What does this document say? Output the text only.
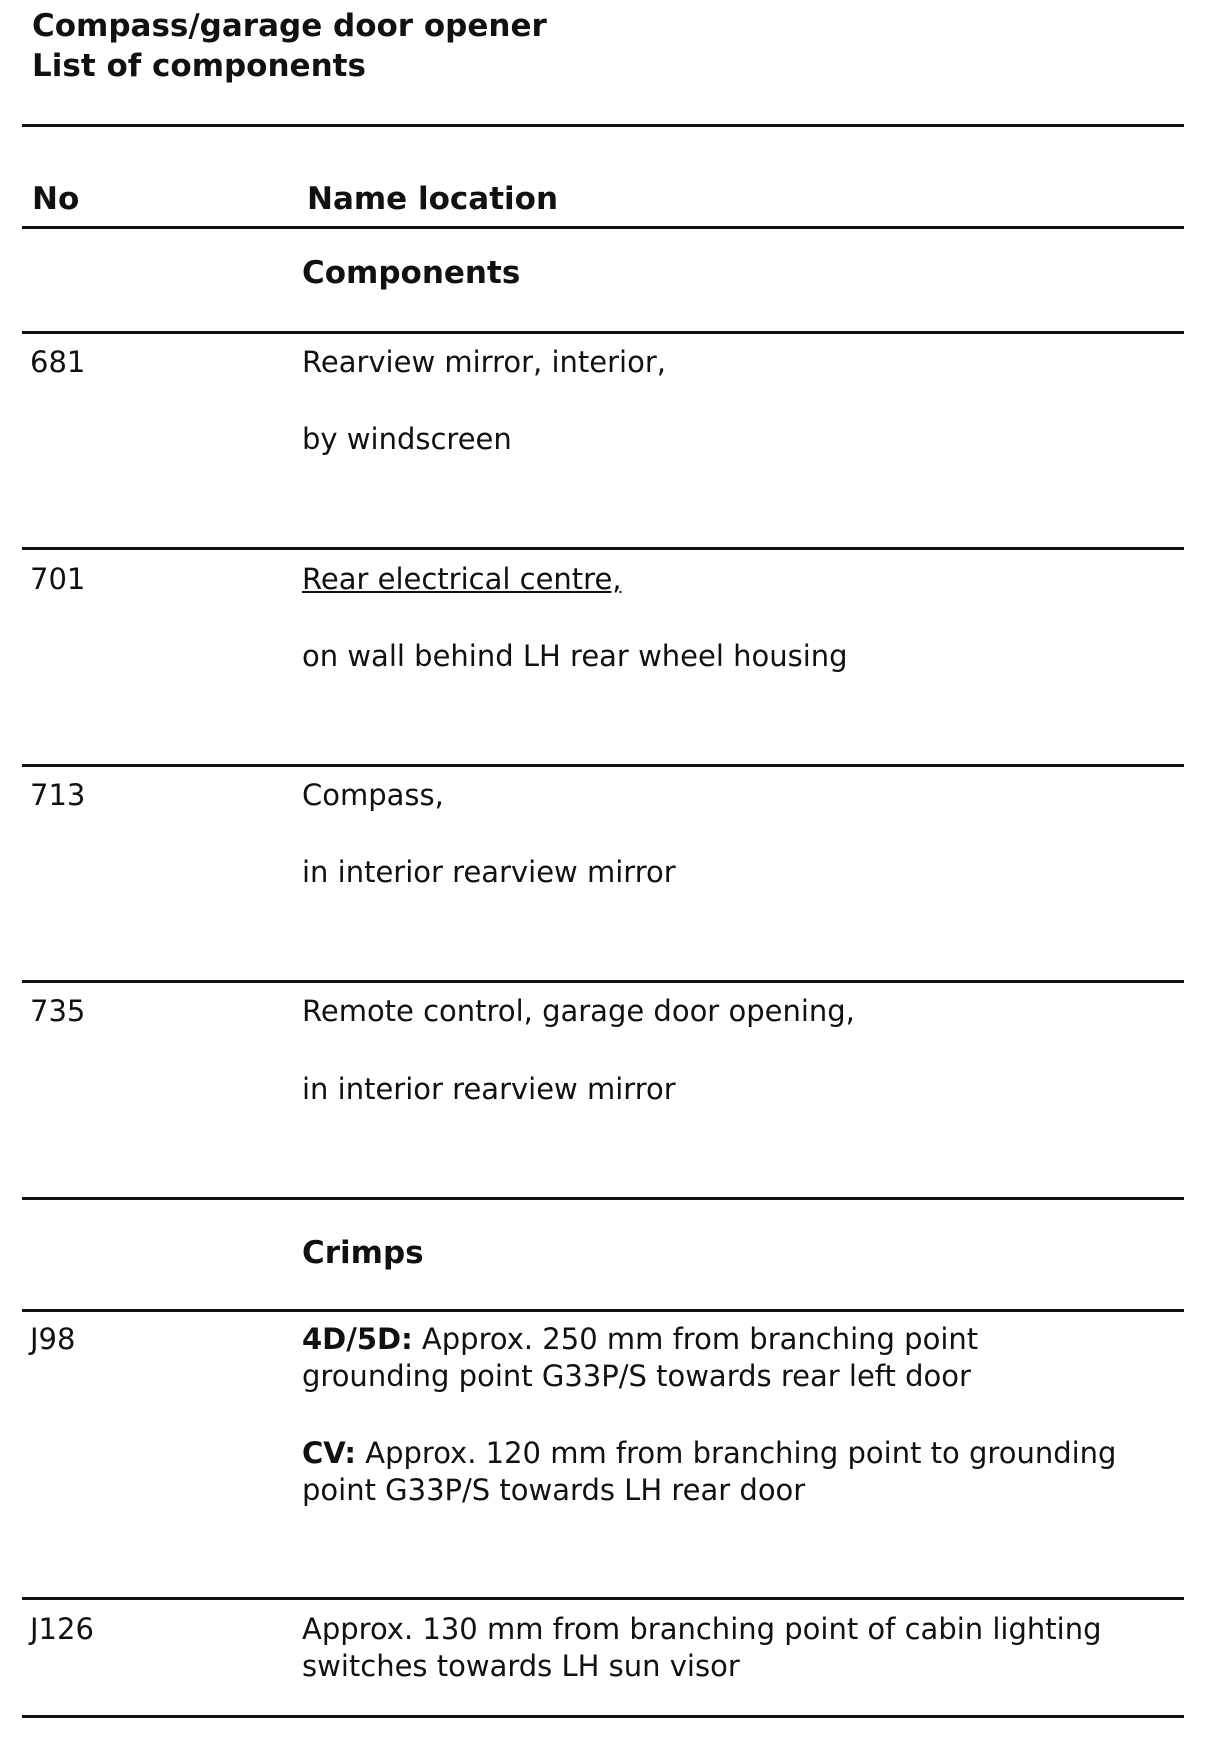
Compass/garage door opener
List of components
No	Name location
Components
681	Rearview mirror, interior,
by windscreen
701	Rear electrical centre,
on wall behind LH rear wheel housing
713	Compass,
in interior rearview mirror
735	Remote control, garage door opening,
in interior rearview mirror
Crimps
J98	4D/5D: Approx. 250 mm from branching point
grounding point G33P/S towards rear left door
CV: Approx. 120 mm from branching point to grounding
point G33P/S towards LH rear door
J126	Approx. 130 mm from branching point of cabin lighting
switches towards LH sun visor
